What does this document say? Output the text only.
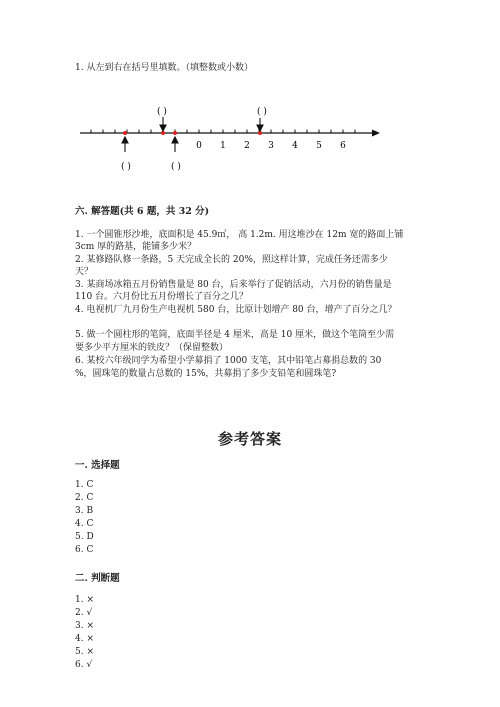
1. 从左到右在括号里填数。（填整数或小数）
0 1 2 3 4 5 6
( )	( )
( )	( )
六. 解答题(共 6 题，共 32 分)
1. 一个圆锥形沙堆，底面积是 45.9㎡， 高 1.2m. 用这堆沙在 12m 宽的路面上铺
3cm 厚的路基，能铺多少米？
2. 某修路队修一条路，5 天完成全长的 20%，照这样计算，完成任务还需多少
天？
3. 某商场冰箱五月份销售量是 80 台，后来举行了促销活动，六月份的销售量是
110 台。六月份比五月份增长了百分之几？
4. 电视机厂九月份生产电视机 580 台，比原计划增产 80 台，增产了百分之几？
5. 做一个圆柱形的笔筒，底面半径是 4 厘米，高是 10 厘米，做这个笔筒至少需
要多少平方厘米的铁皮？（保留整数）
6. 某校六年级同学为希望小学募捐了 1000 支笔，其中铅笔占募捐总数的 30
%，圆珠笔的数量占总数的 15%，共募捐了多少支铅笔和圆珠笔?
参考答案
一. 选择题
1. C
2. C
3. B
4. C
5. D
6. C
二. 判断题
1. ×
2. √
3. ×
4. ×
5. ×
6. √
